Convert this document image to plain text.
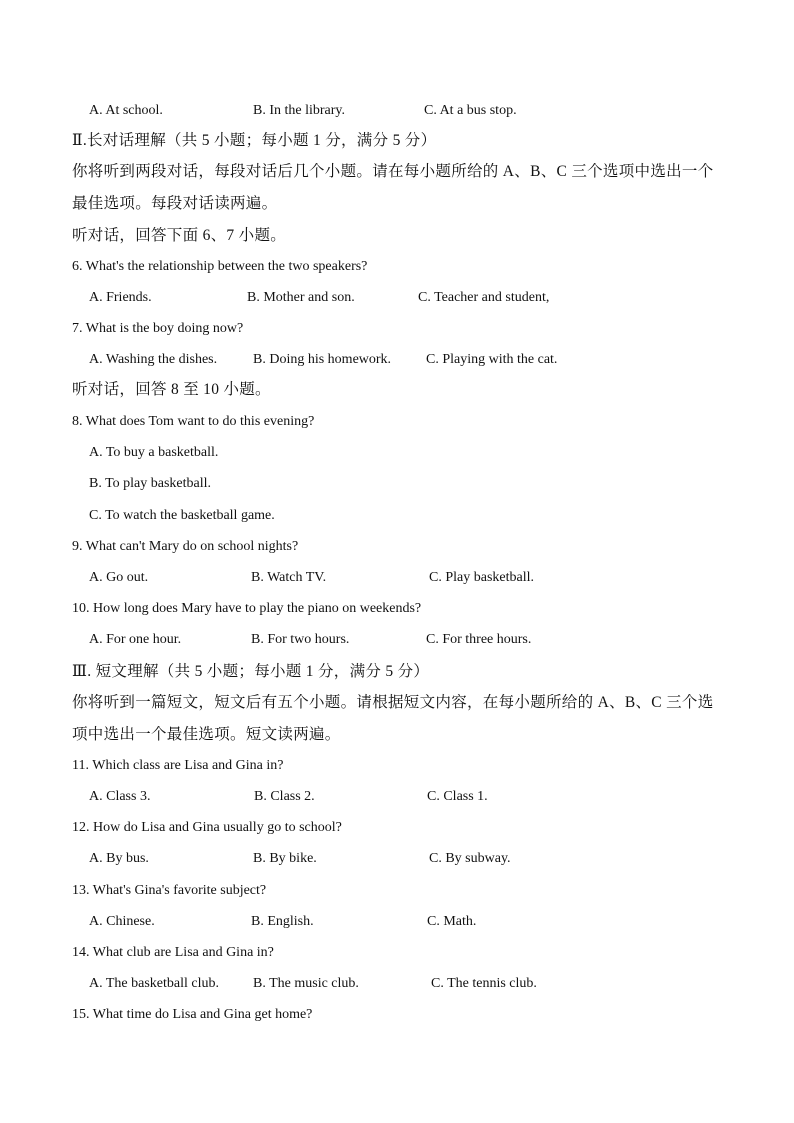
A. At school.	B. In the library.	C. At a bus stop.
Ⅱ.长对话理解（共 5 小题；每小题 1 分，满分 5 分）
你将听到两段对话，每段对话后几个小题。请在每小题所给的 A、B、C 三个选项中选出一个
最佳选项。每段对话读两遍。
听对话，回答下面 6、7 小题。
6. What's the relationship between the two speakers?
A. Friends.	B. Mother and son.	C. Teacher and student,
7. What is the boy doing now?
A. Washing the dishes.	B. Doing his homework. C. Playing with the cat.
听对话，回答 8 至 10 小题。
8. What does Tom want to do this evening?
A. To buy a basketball.
B. To play basketball.
C. To watch the basketball game.
9. What can't Mary do on school nights?
A. Go out.	B. Watch TV.	C. Play basketball.
10. How long does Mary have to play the piano on weekends?
A. For one hour.	B. For two hours.	C. For three hours.
Ⅲ. 短文理解（共 5 小题；每小题 1 分，满分 5 分）
你将听到一篇短文，短文后有五个小题。请根据短文内容，在每小题所给的 A、B、C 三个选
项中选出一个最佳选项。短文读两遍。
11. Which class are Lisa and Gina in?
A. Class 3.	B. Class 2.	C. Class 1.
12. How do Lisa and Gina usually go to school?
A. By bus.	B. By bike.	C. By subway.
13. What's Gina's favorite subject?
A. Chinese.	B. English.	C. Math.
14. What club are Lisa and Gina in?
A. The basketball club. B. The music club.	C. The tennis club.
15. What time do Lisa and Gina get home?
